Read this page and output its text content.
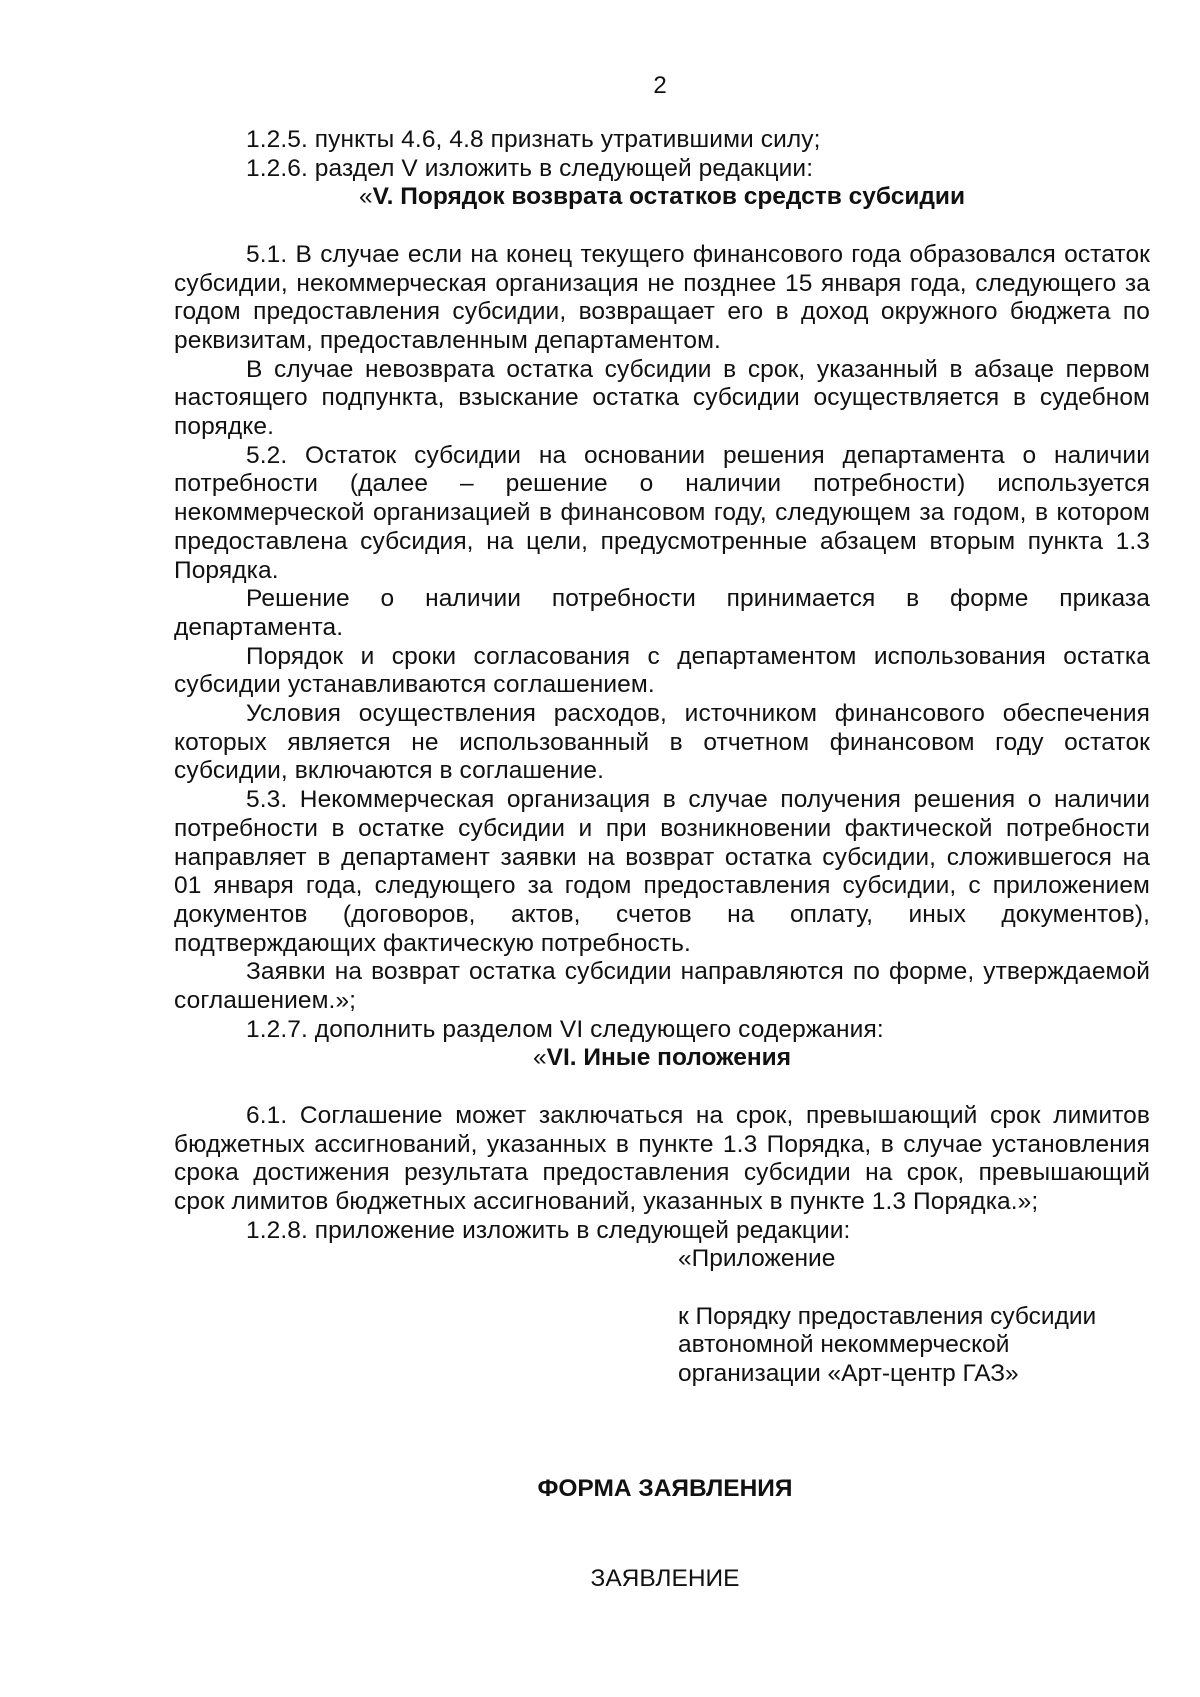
2

1.2.5. пункты 4.6, 4.8 признать утратившими силу;

1.2.6. раздел V изложить в следующей редакции:

«V. Порядок возврата остатков средств субсидии

5.1. В случае если на конец текущего финансового года образовался остаток субсидии, некоммерческая организация не позднее 15 января года, следующего за годом предоставления субсидии, возвращает его в доход окружного бюджета по реквизитам, предоставленным департаментом.

В случае невозврата остатка субсидии в срок, указанный в абзаце первом настоящего подпункта, взыскание остатка субсидии осуществляется в судебном порядке.

5.2. Остаток субсидии на основании решения департамента о наличии потребности (далее – решение о наличии потребности) используется некоммерческой организацией в финансовом году, следующем за годом, в котором предоставлена субсидия, на цели, предусмотренные абзацем вторым пункта 1.3 Порядка.

Решение о наличии потребности принимается в форме приказа департамента.

Порядок и сроки согласования с департаментом использования остатка субсидии устанавливаются соглашением.

Условия осуществления расходов, источником финансового обеспечения которых является не использованный в отчетном финансовом году остаток субсидии, включаются в соглашение.

5.3. Некоммерческая организация в случае получения решения о наличии потребности в остатке субсидии и при возникновении фактической потребности направляет в департамент заявки на возврат остатка субсидии, сложившегося на 01 января года, следующего за годом предоставления субсидии, с приложением документов (договоров, актов, счетов на оплату, иных документов), подтверждающих фактическую потребность.

Заявки на возврат остатка субсидии направляются по форме, утверждаемой соглашением.»;

1.2.7. дополнить разделом VI следующего содержания:

«VI. Иные положения

6.1. Соглашение может заключаться на срок, превышающий срок лимитов бюджетных ассигнований, указанных в пункте 1.3 Порядка, в случае установления срока достижения результата предоставления субсидии на срок, превышающий срок лимитов бюджетных ассигнований, указанных в пункте 1.3 Порядка.»;

1.2.8. приложение изложить в следующей редакции:

«Приложение

к Порядку предоставления субсидии

автономной некоммерческой

организации «Арт-центр ГАЗ»

ФОРМА ЗАЯВЛЕНИЯ
ЗАЯВЛЕНИЕ
